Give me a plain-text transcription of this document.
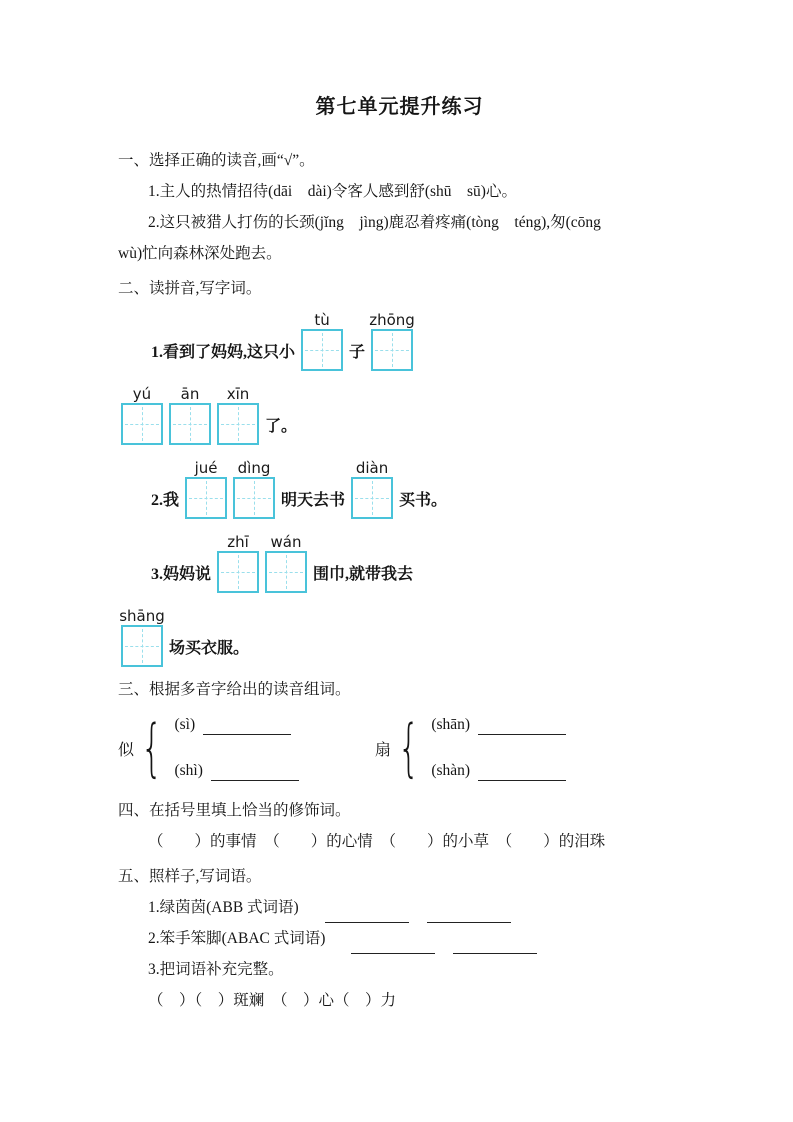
第七单元提升练习
一、选择正确的读音,画“√”。
1.主人的热情招待(dāi　dài)令客人感到舒(shū　sū)心。
2.这只被猎人打伤的长颈(jǐng　jìng)鹿忍着疼痛(tòng　téng),匆(cōng
wù)忙向森林深处跑去。
二、读拼音,写字词。
1.看到了妈妈,这只小
tù
子
zhōng
yú ān xīn
了。
2.我
jué dìng
明天去书
diàn
买书。
3.妈妈说
zhī wán
围巾,就带我去
shāng
场买衣服。
三、根据多音字给出的读音组词。
似 { (sì)
(shì)
扇 { (shān)
(shàn)
四、在括号里填上恰当的修饰词。
（　　）的事情　（　　）的心情　（　　）的小草　（　　）的泪珠
五、照样子,写词语。
1.绿茵茵(ABB 式词语)
2.笨手笨脚(ABAC 式词语)
3.把词语补充完整。
（　）（　）斑斓　（　）心（　）力
